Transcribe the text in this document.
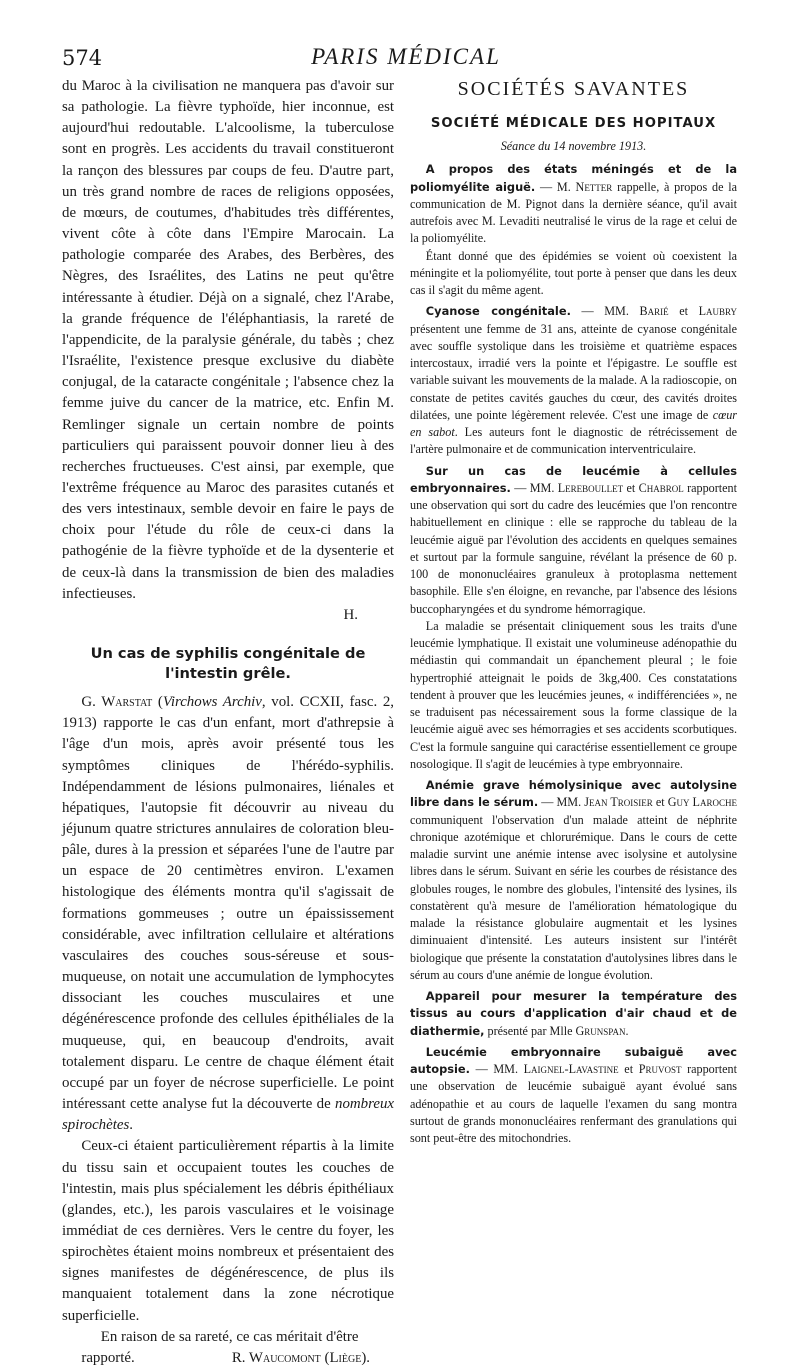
574	PARIS MÉDICAL

du Maroc à la civilisation ne manquera pas d'avoir sur sa pathologie. La fièvre typhoïde, hier inconnue, est aujourd'hui redoutable. L'alcoolisme, la tuberculose sont en progrès. Les accidents du travail constitueront la rançon des blessures par coups de feu. D'autre part, un très grand nombre de races de religions opposées, de mœurs, de coutumes, d'habitudes très différentes, vivent côte à côte dans l'Empire Marocain. La pathologie comparée des Arabes, des Berbères, des Nègres, des Israélites, des Latins ne peut qu'être intéressante à étudier. Déjà on a signalé, chez l'Arabe, la grande fréquence de l'éléphantiasis, la rareté de l'appendicite, de la paralysie générale, du tabès ; chez l'Israélite, l'existence presque exclusive du diabète conjugal, de la cataracte congénitale ; l'absence chez la femme juive du cancer de la matrice, etc. Enfin M. Remlinger signale un certain nombre de points particuliers qui paraissent pouvoir donner lieu à des recherches fructueuses. C'est ainsi, par exemple, que l'extrême fréquence au Maroc des parasites cutanés et des vers intestinaux, semble devoir en faire le pays de choix pour l'étude du rôle de ceux-ci dans la pathogénie de la fièvre typhoïde et de la dysenterie et de ceux-là dans la transmission de bien des maladies infectieuses.

H.

Un cas de syphilis congénitale de l'intestin grêle.

G. Warstat (Virchows Archiv, vol. CCXII, fasc. 2, 1913) rapporte le cas d'un enfant, mort d'athrepsie à l'âge d'un mois, après avoir présenté tous les symptômes cliniques de l'hérédo-syphilis. Indépendamment de lésions pulmonaires, liénales et hépatiques, l'autopsie fit découvrir au niveau du jéjunum quatre strictures annulaires de coloration bleu-pâle, dures à la pression et séparées l'une de l'autre par un espace de 20 centimètres environ. L'examen histologique des éléments montra qu'il s'agissait de formations gommeuses ; outre un épaississement considérable, avec infiltration cellulaire et altérations vasculaires des couches sous-séreuse et sous-muqueuse, on notait une accumulation de lymphocytes dissociant les couches musculaires et une dégénérescence profonde des cellules épithéliales de la muqueuse, qui, en beaucoup d'endroits, avait totalement disparu. Le centre de chaque élément était occupé par un foyer de nécrose superficielle. Le point intéressant cette analyse fut la découverte de nombreux spirochètes.

Ceux-ci étaient particulièrement répartis à la limite du tissu sain et occupaient toutes les couches de l'intestin, mais plus spécialement les débris épithéliaux (glandes, etc.), les parois vasculaires et le voisinage immédiat de ces dernières. Vers le centre du foyer, les spirochètes étaient moins nombreux et présentaient des signes manifestes de dégénérescence, de plus ils manquaient totalement dans la zone nécrotique superficielle.

En raison de sa rareté, ce cas méritait d'être rapporté.	R. Waucomont (Liège).

SOCIÉTÉS SAVANTES
SOCIÉTÉ MÉDICALE DES HOPITAUX
Séance du 14 novembre 1913.

A propos des états méningés et de la poliomyélite aiguë. — M. Netter rappelle, à propos de la communication de M. Pignot dans la dernière séance, qu'il avait autrefois avec M. Levaditi neutralisé le virus de la rage et celui de la poliomyélite.

Étant donné que des épidémies se voient où coexistent la méningite et la poliomyélite, tout porte à penser que dans les deux cas il s'agit du même agent.

Cyanose congénitale. — MM. Barié et Laubry présentent une femme de 31 ans, atteinte de cyanose congénitale avec souffle systolique dans les troisième et quatrième espaces intercostaux, irradié vers la pointe et l'épigastre. Le souffle est variable suivant les mouvements de la malade. A la radioscopie, on constate de petites cavités gauches du cœur, des cavités droites dilatées, une pointe légèrement relevée. C'est une image de cœur en sabot. Les auteurs font le diagnostic de rétrécissement de l'artère pulmonaire et de communication interventriculaire.

Sur un cas de leucémie à cellules embryonnaires. — MM. Lereboullet et Chabrol rapportent une observation qui sort du cadre des leucémies que l'on rencontre habituellement en clinique : elle se rapproche du tableau de la leucémie aiguë par l'évolution des accidents en quelques semaines et surtout par la formule sanguine, révélant la présence de 60 p. 100 de mononucléaires granuleux à protoplasma nettement basophile. Elle s'en éloigne, en revanche, par l'absence des lésions buccopharyngées et du syndrome hémorragique.

La maladie se présentait cliniquement sous les traits d'une leucémie lymphatique. Il existait une volumineuse adénopathie du médiastin qui commandait un épanchement pleural ; le foie hypertrophié atteignait le poids de 3kg,400. Ces constatations tendent à prouver que les leucémies jeunes, « indifférenciées », ne se traduisent pas nécessairement sous la forme classique de la leucémie aiguë avec ses hémorragies et ses accidents scorbutiques. C'est la formule sanguine qui caractérise essentiellement ce groupe nosologique. Il s'agit de leucémies à type embryonnaire.

Anémie grave hémolysinique avec autolysine libre dans le sérum. — MM. Jean Troisier et Guy Laroche communiquent l'observation d'un malade atteint de néphrite chronique azotémique et chlorurémique. Dans le cours de cette maladie survint une anémie intense avec isolysine et autolysine libres dans le sérum. Suivant en série les courbes de résistance des globules rouges, le nombre des globules, l'intensité des lysines, ils constatèrent qu'à mesure de l'amélioration hématologique du malade la résistance globulaire augmentait et les lysines diminuaient d'intensité. Les auteurs insistent sur l'intérêt biologique que présente la constatation d'autolysines libres dans le sérum au cours d'une anémie de longue évolution.

Appareil pour mesurer la température des tissus au cours d'application d'air chaud et de diathermie, présenté par Mlle Grunspan.

Leucémie embryonnaire subaiguë avec autopsie. — MM. Laignel-Lavastine et Pruvost rapportent une observation de leucémie subaiguë ayant évolué sans adénopathie et au cours de laquelle l'examen du sang montra surtout de grands mononucléaires renfermant des granulations qui sont peut-être des mitochondries.
